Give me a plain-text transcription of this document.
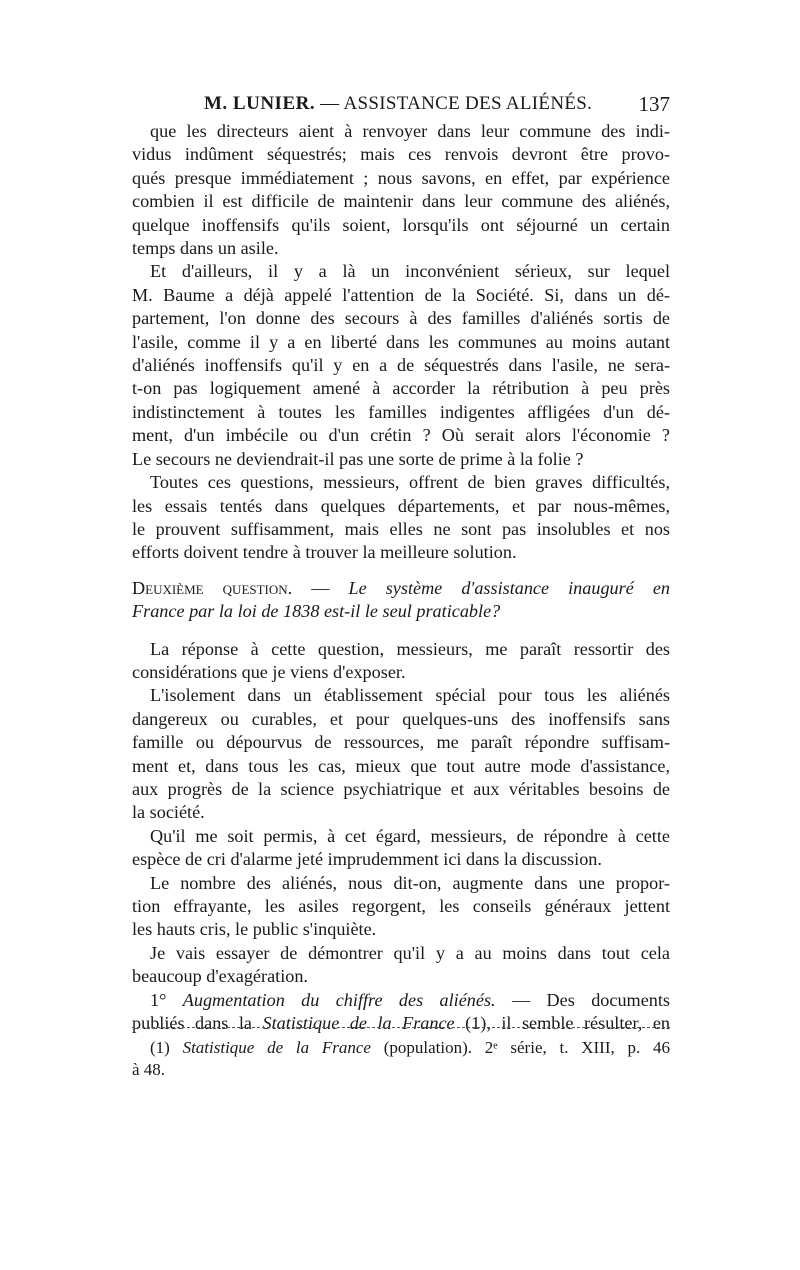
M. LUNIER. — ASSISTANCE DES ALIÉNÉS. 137

que les directeurs aient à renvoyer dans leur commune des indi-
vidus indûment séquestrés; mais ces renvois devront être provo-
qués presque immédiatement ; nous savons, en effet, par expérience
combien il est difficile de maintenir dans leur commune des aliénés,
quelque inoffensifs qu'ils soient, lorsqu'ils ont séjourné un certain
temps dans un asile.

Et d'ailleurs, il y a là un inconvénient sérieux, sur lequel
M. Baume a déjà appelé l'attention de la Société. Si, dans un dé-
partement, l'on donne des secours à des familles d'aliénés sortis de
l'asile, comme il y a en liberté dans les communes au moins autant
d'aliénés inoffensifs qu'il y en a de séquestrés dans l'asile, ne sera-
t-on pas logiquement amené à accorder la rétribution à peu près
indistinctement à toutes les familles indigentes affligées d'un dé-
ment, d'un imbécile ou d'un crétin ? Où serait alors l'économie ?
Le secours ne deviendrait-il pas une sorte de prime à la folie ?

Toutes ces questions, messieurs, offrent de bien graves difficultés,
les essais tentés dans quelques départements, et par nous-mêmes,
le prouvent suffisamment, mais elles ne sont pas insolubles et nos
efforts doivent tendre à trouver la meilleure solution.

Deuxième question. — Le système d'assistance inauguré en
France par la loi de 1838 est-il le seul praticable?

La réponse à cette question, messieurs, me paraît ressortir des
considérations que je viens d'exposer.

L'isolement dans un établissement spécial pour tous les aliénés
dangereux ou curables, et pour quelques-uns des inoffensifs sans
famille ou dépourvus de ressources, me paraît répondre suffisam-
ment et, dans tous les cas, mieux que tout autre mode d'assistance,
aux progrès de la science psychiatrique et aux véritables besoins de
la société.

Qu'il me soit permis, à cet égard, messieurs, de répondre à cette
espèce de cri d'alarme jeté imprudemment ici dans la discussion.

Le nombre des aliénés, nous dit-on, augmente dans une propor-
tion effrayante, les asiles regorgent, les conseils généraux jettent
les hauts cris, le public s'inquiète.

Je vais essayer de démontrer qu'il y a au moins dans tout cela
beaucoup d'exagération.

1° Augmentation du chiffre des aliénés. — Des documents
publiés dans la Statistique de la France (1), il semble résulter, en

(1) Statistique de la France (population). 2ᵉ série, t. XIII, p. 46
à 48.
